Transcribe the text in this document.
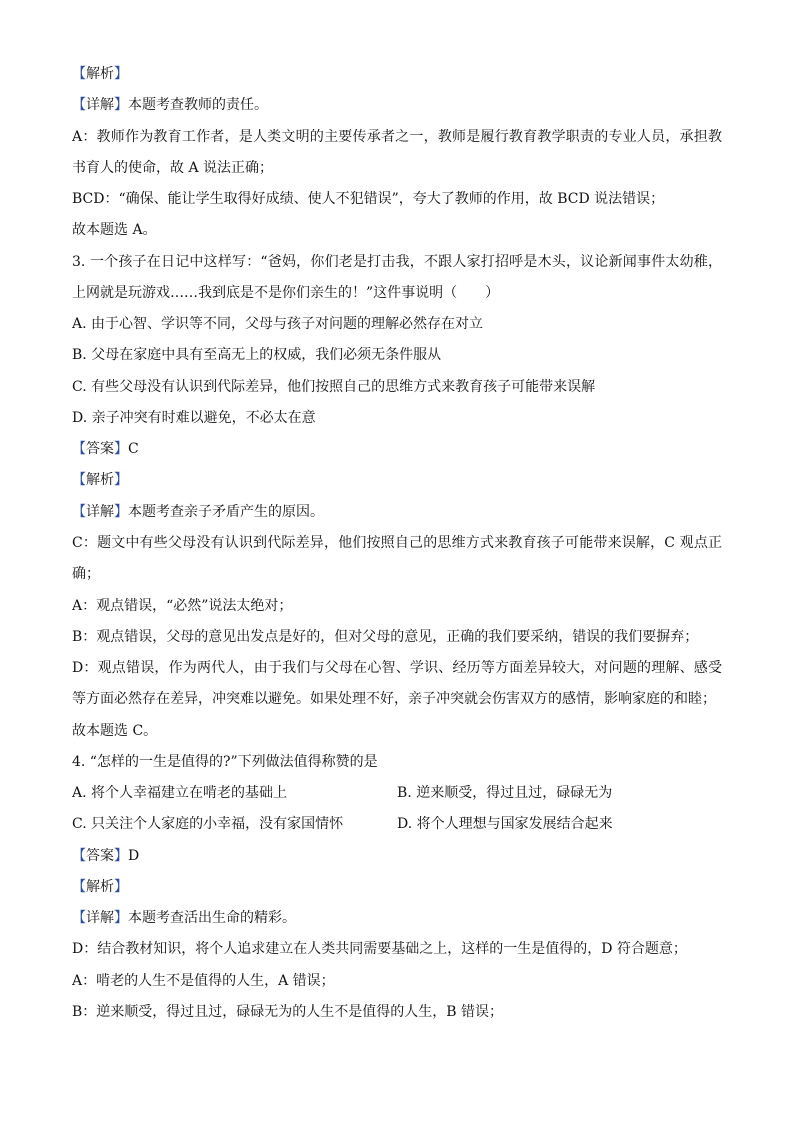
【解析】
【详解】本题考查教师的责任。
A：教师作为教育工作者，是人类文明的主要传承者之一，教师是履行教育教学职责的专业人员，承担教
书育人的使命，故 A 说法正确；
BCD：“确保、能让学生取得好成绩、使人不犯错误”，夸大了教师的作用，故 BCD 说法错误；
故本题选 A。
3. 一个孩子在日记中这样写：“爸妈，你们老是打击我，不跟人家打招呼是木头，议论新闻事件太幼稚，
上网就是玩游戏……我到底是不是你们亲生的！”这件事说明（　　）
A. 由于心智、学识等不同，父母与孩子对问题的理解必然存在对立
B. 父母在家庭中具有至高无上的权威，我们必须无条件服从
C. 有些父母没有认识到代际差异，他们按照自己的思维方式来教育孩子可能带来误解
D. 亲子冲突有时难以避免，不必太在意
【答案】C
【解析】
【详解】本题考查亲子矛盾产生的原因。
C：题文中有些父母没有认识到代际差异，他们按照自己的思维方式来教育孩子可能带来误解，C 观点正
确；
A：观点错误，“必然”说法太绝对；
B：观点错误，父母的意见出发点是好的，但对父母的意见，正确的我们要采纳，错误的我们要摒弃；
D：观点错误，作为两代人，由于我们与父母在心智、学识、经历等方面差异较大，对问题的理解、感受
等方面必然存在差异，冲突难以避免。如果处理不好，亲子冲突就会伤害双方的感情，影响家庭的和睦；
故本题选 C。
4. “怎样的一生是值得的?”下列做法值得称赞的是
A. 将个人幸福建立在啃老的基础上	B. 逆来顺受，得过且过，碌碌无为
C. 只关注个人家庭的小幸福，没有家国情怀	D. 将个人理想与国家发展结合起来
【答案】D
【解析】
【详解】本题考查活出生命的精彩。
D：结合教材知识，将个人追求建立在人类共同需要基础之上，这样的一生是值得的，D 符合题意；
A：啃老的人生不是值得的人生，A 错误；
B：逆来顺受，得过且过，碌碌无为的人生不是值得的人生，B 错误；
